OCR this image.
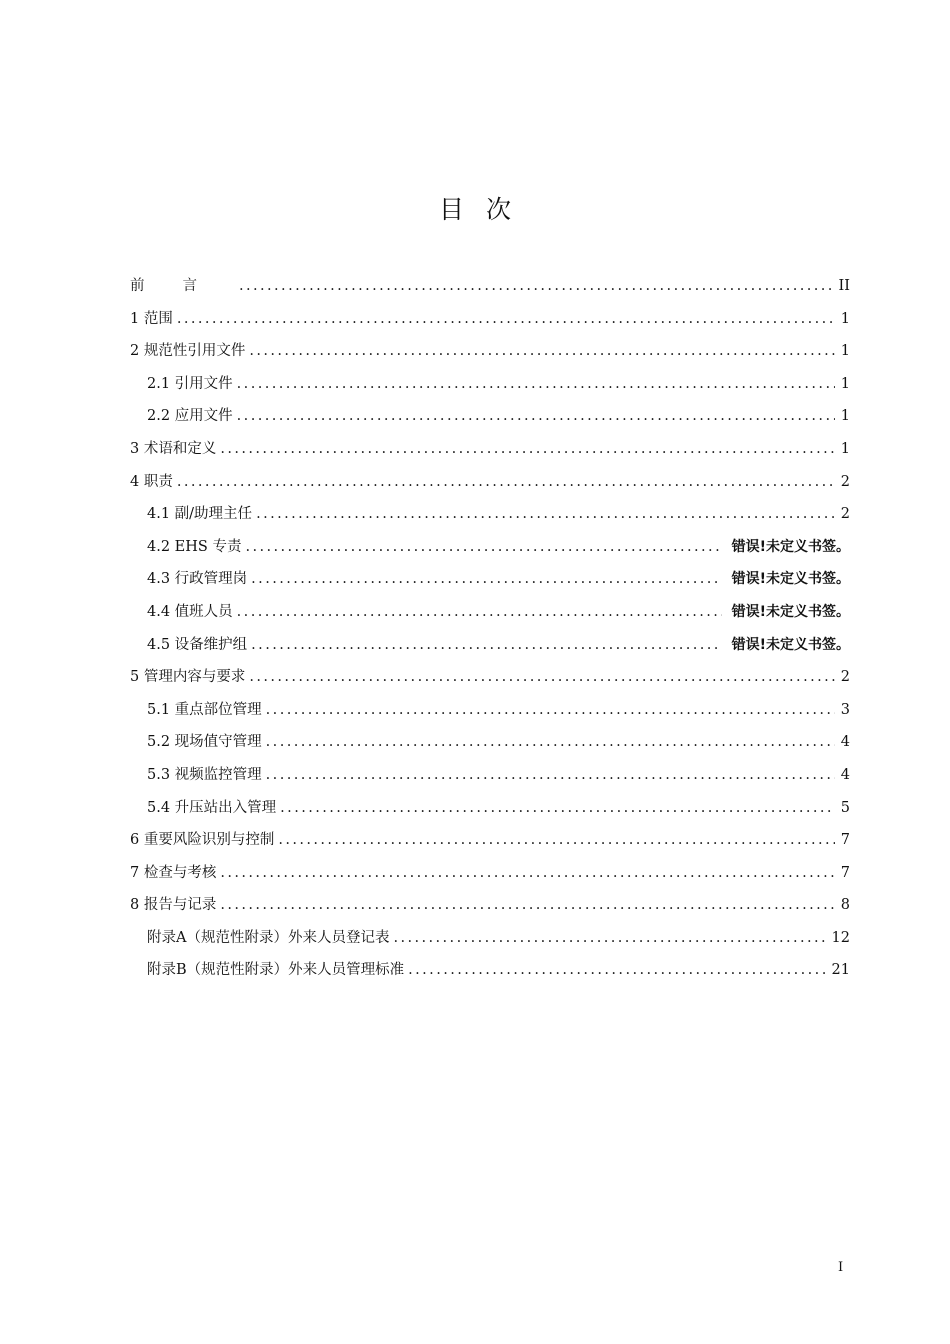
目次
前言 .....	II
1 范围 .....	1
2 规范性引用文件 .....	1
2.1 引用文件 .....	1
2.2 应用文件 .....	1
3 术语和定义 .....	1
4 职责 .....	2
4.1 副/助理主任 .....	2
4.2 EHS 专责 .....	错误!未定义书签。
4.3 行政管理岗 .....	错误!未定义书签。
4.4 值班人员 .....	错误!未定义书签。
4.5 设备维护组 .....	错误!未定义书签。
5 管理内容与要求 .....	2
5.1 重点部位管理 .....	3
5.2 现场值守管理 .....	4
5.3 视频监控管理 .....	4
5.4 升压站出入管理 .....	5
6 重要风险识别与控制 .....	7
7 检查与考核 .....	7
8 报告与记录 .....	8
附录A（规范性附录）外来人员登记表 .....	12
附录B（规范性附录）外来人员管理标准 .....	21
I
